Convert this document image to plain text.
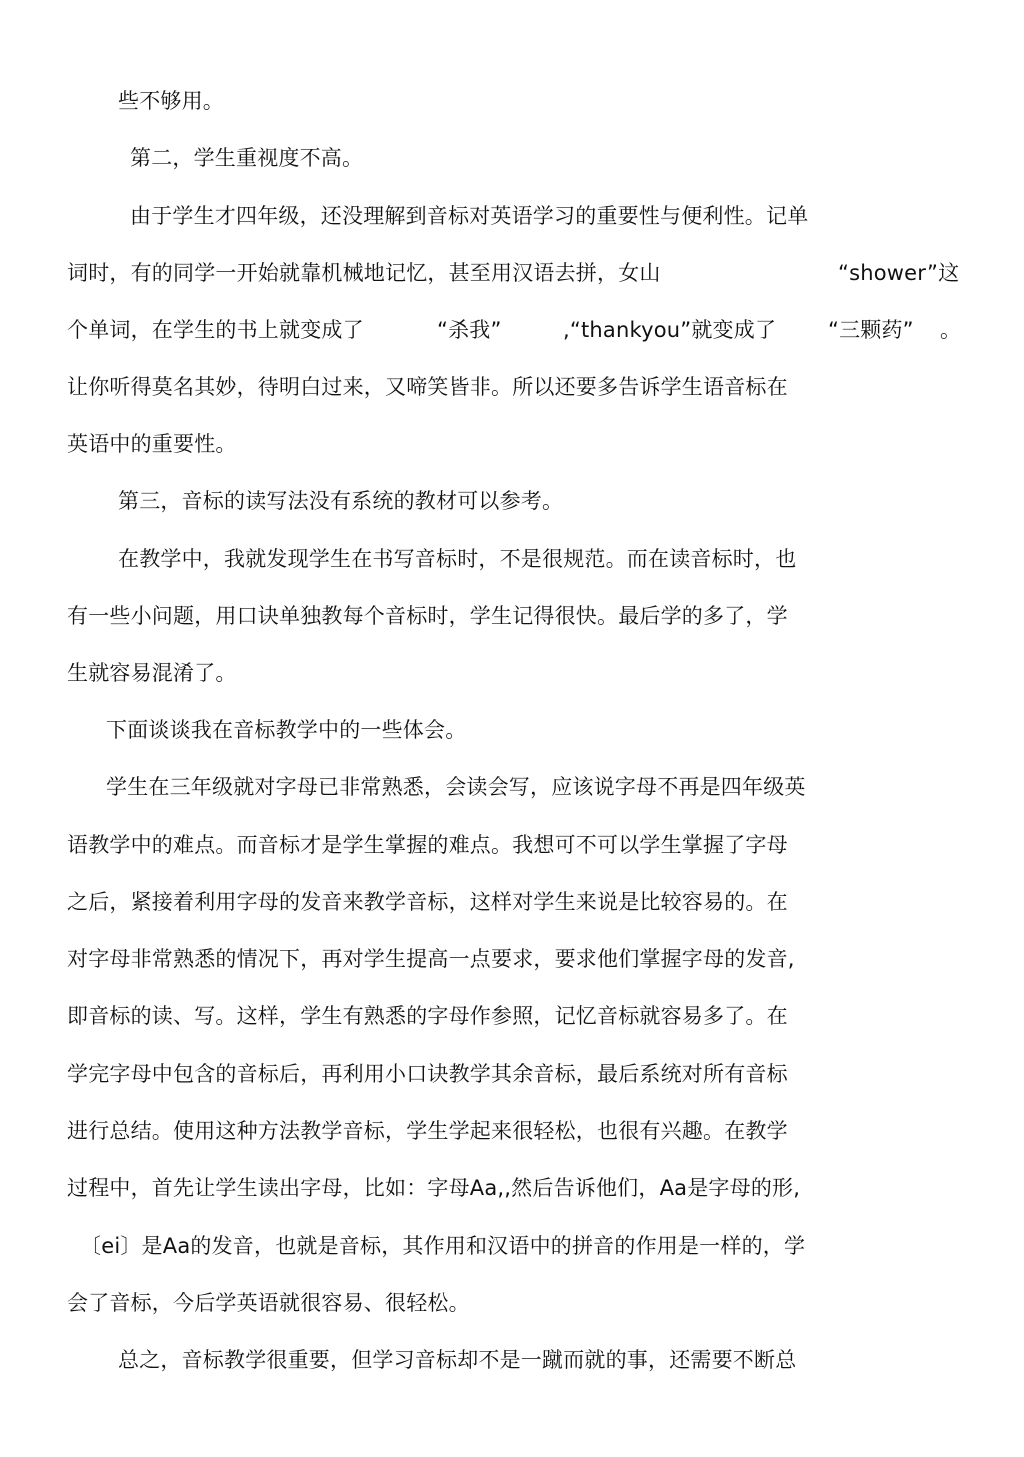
些不够用。

第二，学生重视度不高。

由于学生才四年级，还没理解到音标对英语学习的重要性与便利性。记单

词时，有的同学一开始就靠机械地记忆，甚至用汉语去拼，女山	“shower”这

个单词，在学生的书上就变成了	“杀我”	,“thankyou”就变成了 “三颗药” 。

让你听得莫名其妙，待明白过来，又啼笑皆非。所以还要多告诉学生语音标在

英语中的重要性。

第三，音标的读写法没有系统的教材可以参考。

在教学中，我就发现学生在书写音标时，不是很规范。而在读音标时，也

有一些小问题，用口诀单独教每个音标时，学生记得很快。最后学的多了，学

生就容易混淆了。

下面谈谈我在音标教学中的一些体会。

学生在三年级就对字母已非常熟悉，会读会写，应该说字母不再是四年级英

语教学中的难点。而音标才是学生掌握的难点。我想可不可以学生掌握了字母

之后，紧接着利用字母的发音来教学音标，这样对学生来说是比较容易的。在

对字母非常熟悉的情况下，再对学生提高一点要求，要求他们掌握字母的发音,

即音标的读、写。这样，学生有熟悉的字母作参照，记忆音标就容易多了。在

学完字母中包含的音标后，再利用小口诀教学其余音标，最后系统对所有音标

进行总结。使用这种方法教学音标，学生学起来很轻松，也很有兴趣。在教学

过程中，首先让学生读出字母，比如：字母Aa,,然后告诉他们，Aa是字母的形,

〔ei〕是Aa的发音，也就是音标，其作用和汉语中的拼音的作用是一样的，学

会了音标，今后学英语就很容易、很轻松。

总之，音标教学很重要，但学习音标却不是一蹴而就的事，还需要不断总
